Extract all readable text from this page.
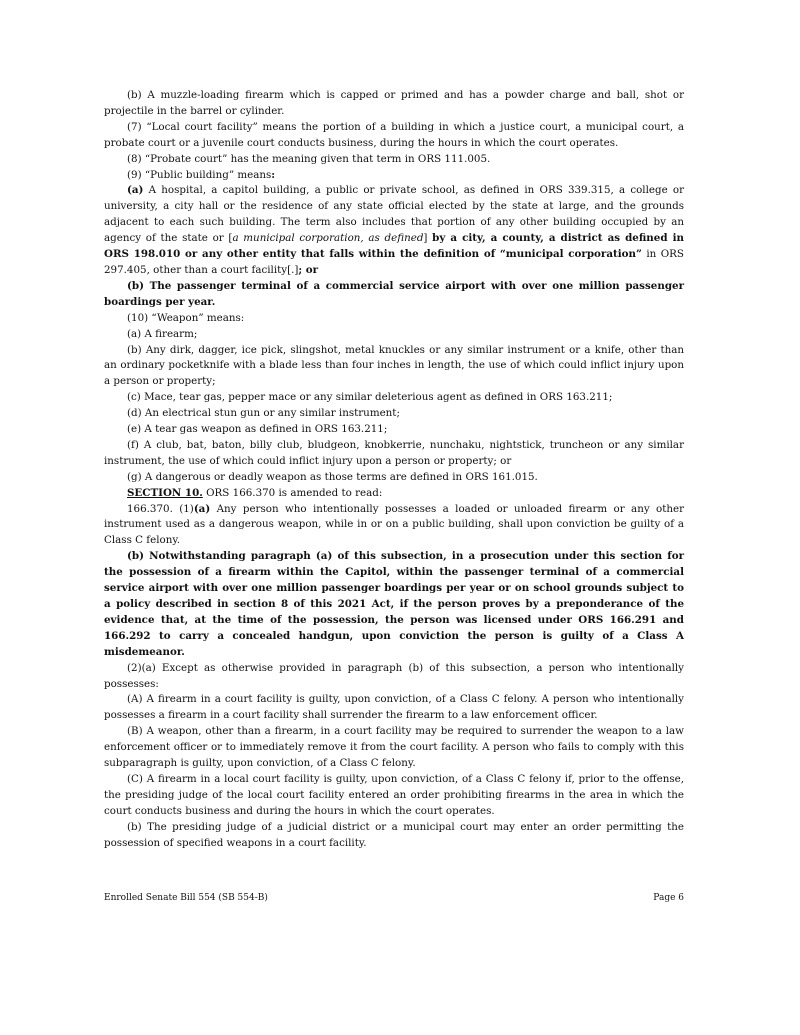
(b) A muzzle-loading firearm which is capped or primed and has a powder charge and ball, shot or projectile in the barrel or cylinder.

(7) “Local court facility” means the portion of a building in which a justice court, a municipal court, a probate court or a juvenile court conducts business, during the hours in which the court operates.

(8) “Probate court” has the meaning given that term in ORS 111.005.

(9) “Public building” means:

(a) A hospital, a capitol building, a public or private school, as defined in ORS 339.315, a college or university, a city hall or the residence of any state official elected by the state at large, and the grounds adjacent to each such building. The term also includes that portion of any other building occupied by an agency of the state or [a municipal corporation, as defined] by a city, a county, a district as defined in ORS 198.010 or any other entity that falls within the definition of “municipal corporation” in ORS 297.405, other than a court facility[.]; or

(b) The passenger terminal of a commercial service airport with over one million passenger boardings per year.

(10) “Weapon” means:

(a) A firearm;

(b) Any dirk, dagger, ice pick, slingshot, metal knuckles or any similar instrument or a knife, other than an ordinary pocketknife with a blade less than four inches in length, the use of which could inflict injury upon a person or property;

(c) Mace, tear gas, pepper mace or any similar deleterious agent as defined in ORS 163.211;

(d) An electrical stun gun or any similar instrument;

(e) A tear gas weapon as defined in ORS 163.211;

(f) A club, bat, baton, billy club, bludgeon, knobkerrie, nunchaku, nightstick, truncheon or any similar instrument, the use of which could inflict injury upon a person or property; or

(g) A dangerous or deadly weapon as those terms are defined in ORS 161.015.

SECTION 10. ORS 166.370 is amended to read:

166.370. (1)(a) Any person who intentionally possesses a loaded or unloaded firearm or any other instrument used as a dangerous weapon, while in or on a public building, shall upon conviction be guilty of a Class C felony.

(b) Notwithstanding paragraph (a) of this subsection, in a prosecution under this section for the possession of a firearm within the Capitol, within the passenger terminal of a commercial service airport with over one million passenger boardings per year or on school grounds subject to a policy described in section 8 of this 2021 Act, if the person proves by a preponderance of the evidence that, at the time of the possession, the person was licensed under ORS 166.291 and 166.292 to carry a concealed handgun, upon conviction the person is guilty of a Class A misdemeanor.

(2)(a) Except as otherwise provided in paragraph (b) of this subsection, a person who intentionally possesses:

(A) A firearm in a court facility is guilty, upon conviction, of a Class C felony. A person who intentionally possesses a firearm in a court facility shall surrender the firearm to a law enforcement officer.

(B) A weapon, other than a firearm, in a court facility may be required to surrender the weapon to a law enforcement officer or to immediately remove it from the court facility. A person who fails to comply with this subparagraph is guilty, upon conviction, of a Class C felony.

(C) A firearm in a local court facility is guilty, upon conviction, of a Class C felony if, prior to the offense, the presiding judge of the local court facility entered an order prohibiting firearms in the area in which the court conducts business and during the hours in which the court operates.

(b) The presiding judge of a judicial district or a municipal court may enter an order permitting the possession of specified weapons in a court facility.

Enrolled Senate Bill 554 (SB 554-B)	Page 6
